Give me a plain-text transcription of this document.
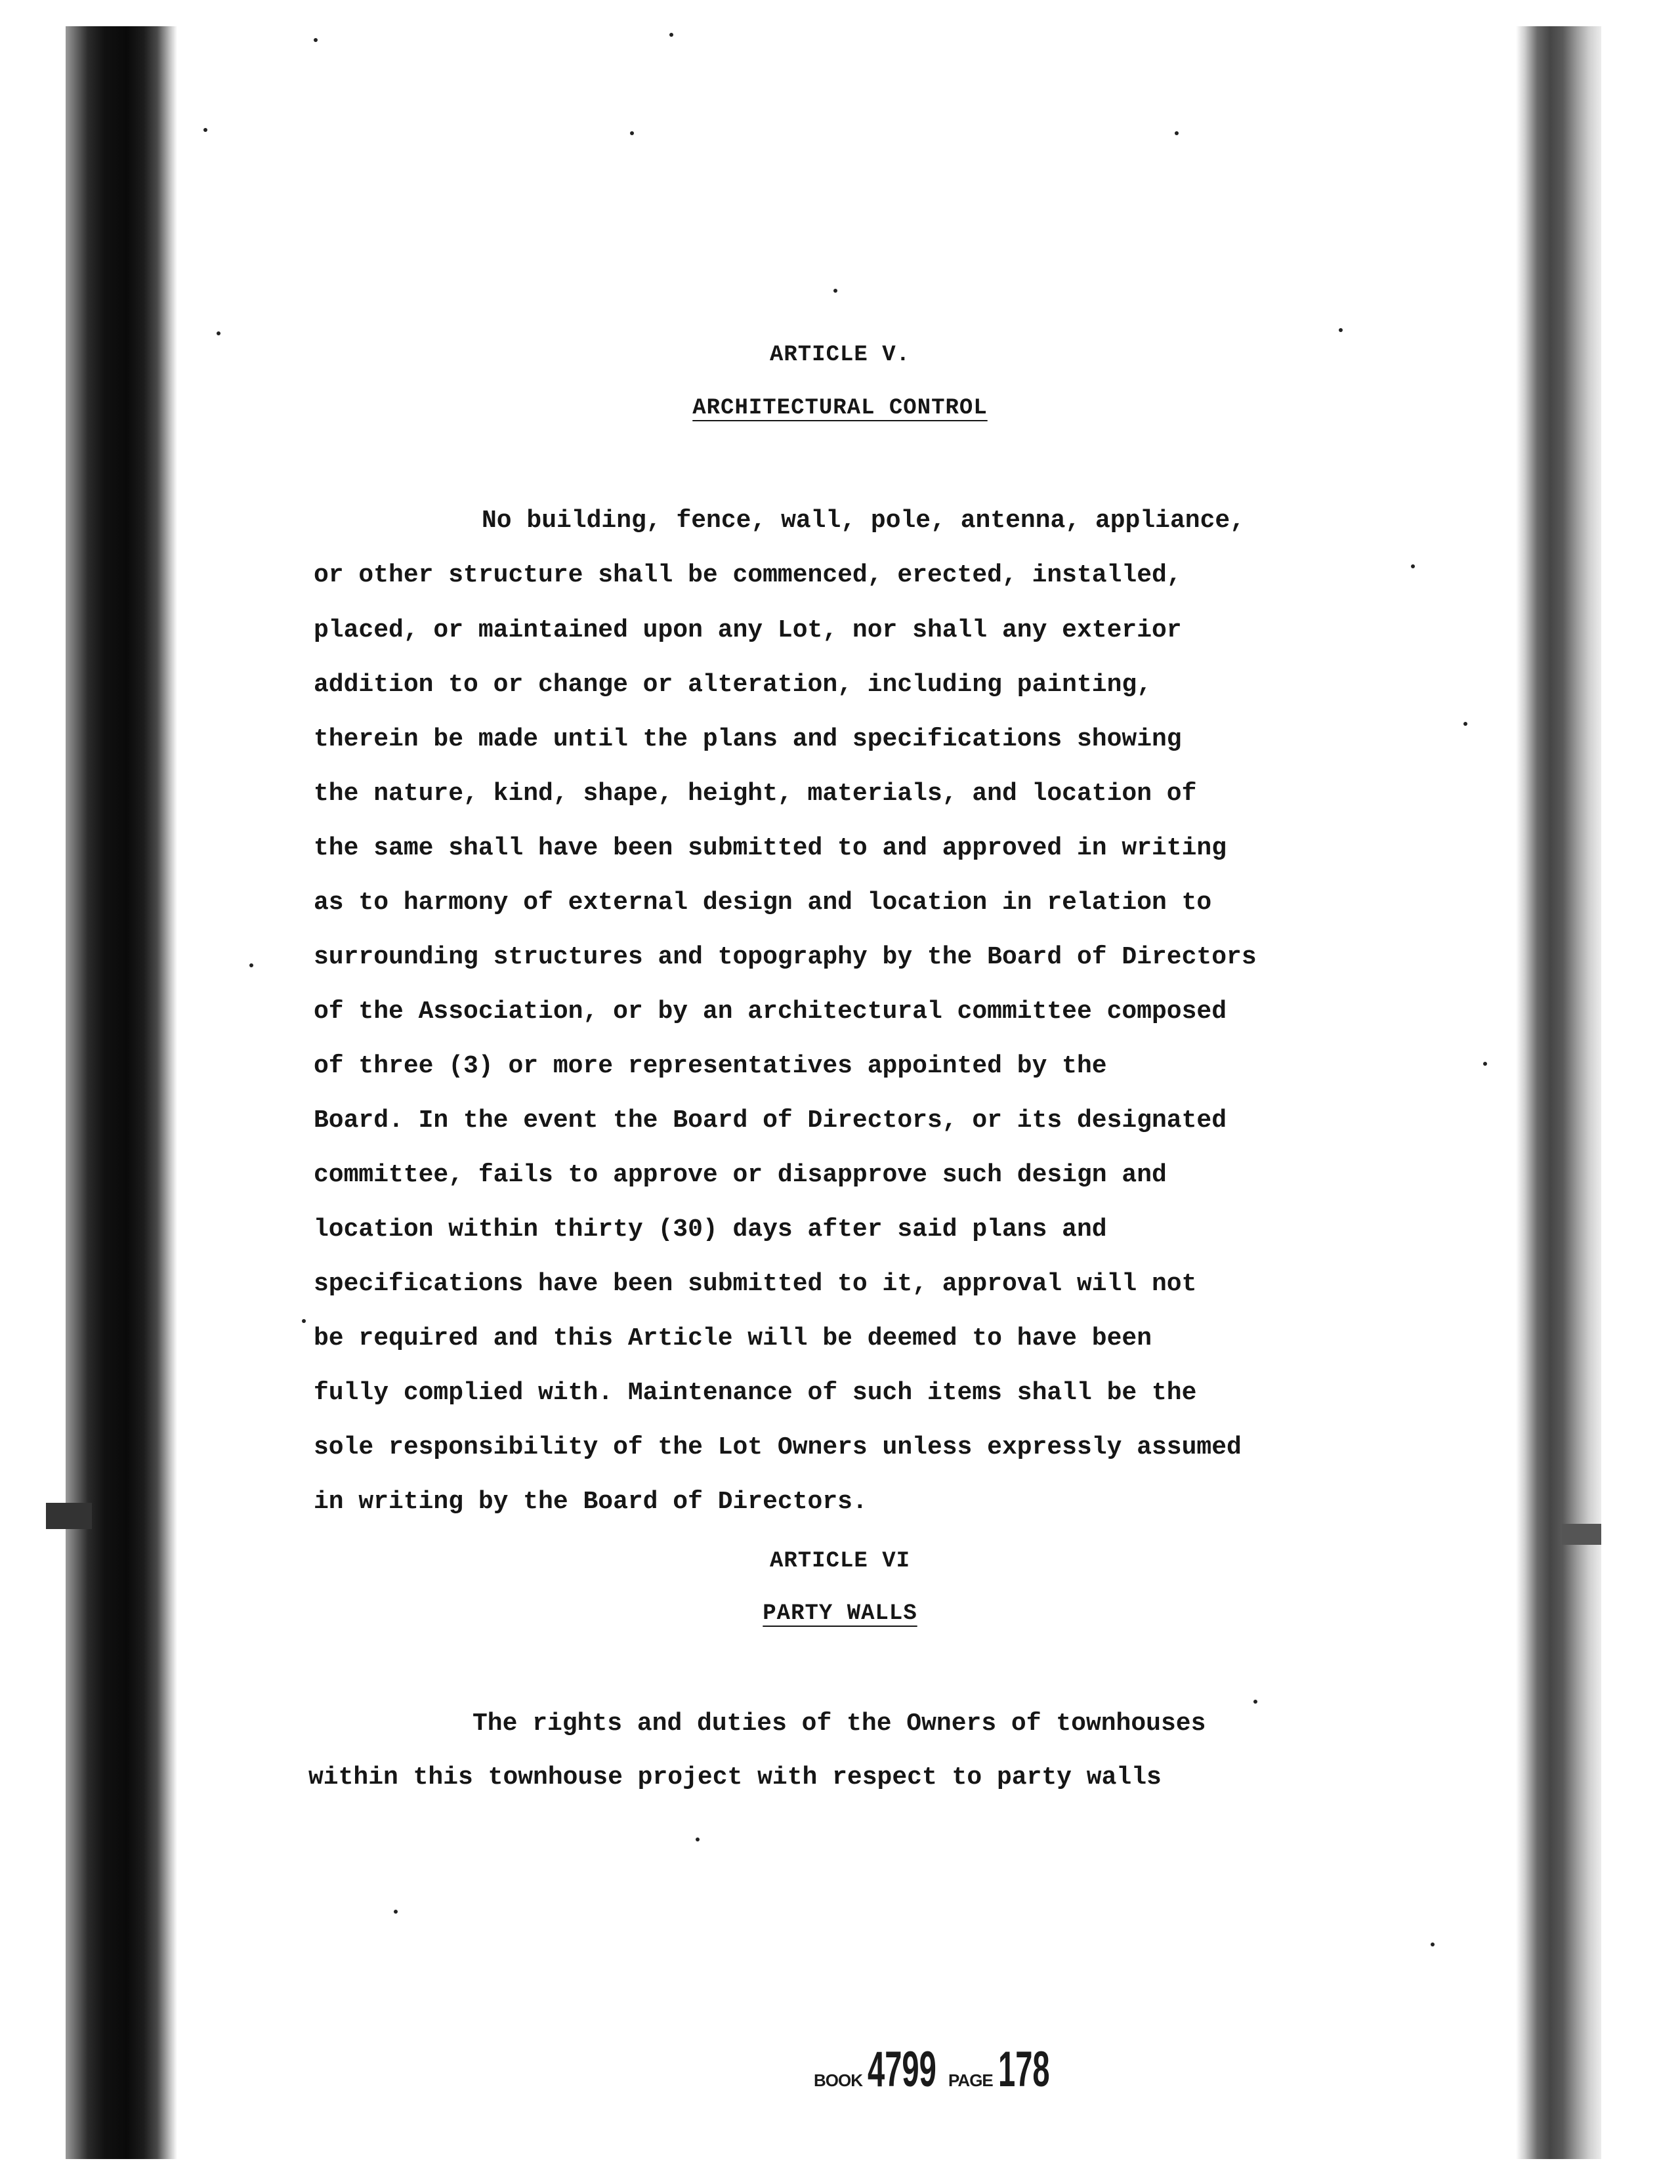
ARTICLE V.
ARCHITECTURAL CONTROL
No building, fence, wall, pole, antenna, appliance,
or other structure shall be commenced, erected, installed,
placed, or maintained upon any Lot, nor shall any exterior
addition to or change or alteration, including painting,
therein be made until the plans and specifications showing
the nature, kind, shape, height, materials, and location of
the same shall have been submitted to and approved in writing
as to harmony of external design and location in relation to
surrounding structures and topography by the Board of Directors
of the Association, or by an architectural committee composed
of three (3) or more representatives appointed by the
Board. In the event the Board of Directors, or its designated
committee, fails to approve or disapprove such design and
location within thirty (30) days after said plans and
specifications have been submitted to it, approval will not
be required and this Article will be deemed to have been
fully complied with. Maintenance of such items shall be the
sole responsibility of the Lot Owners unless expressly assumed
in writing by the Board of Directors.
ARTICLE VI
PARTY WALLS
The rights and duties of the Owners of townhouses
within this townhouse project with respect to party walls
BOOK 4799 PAGE 178
